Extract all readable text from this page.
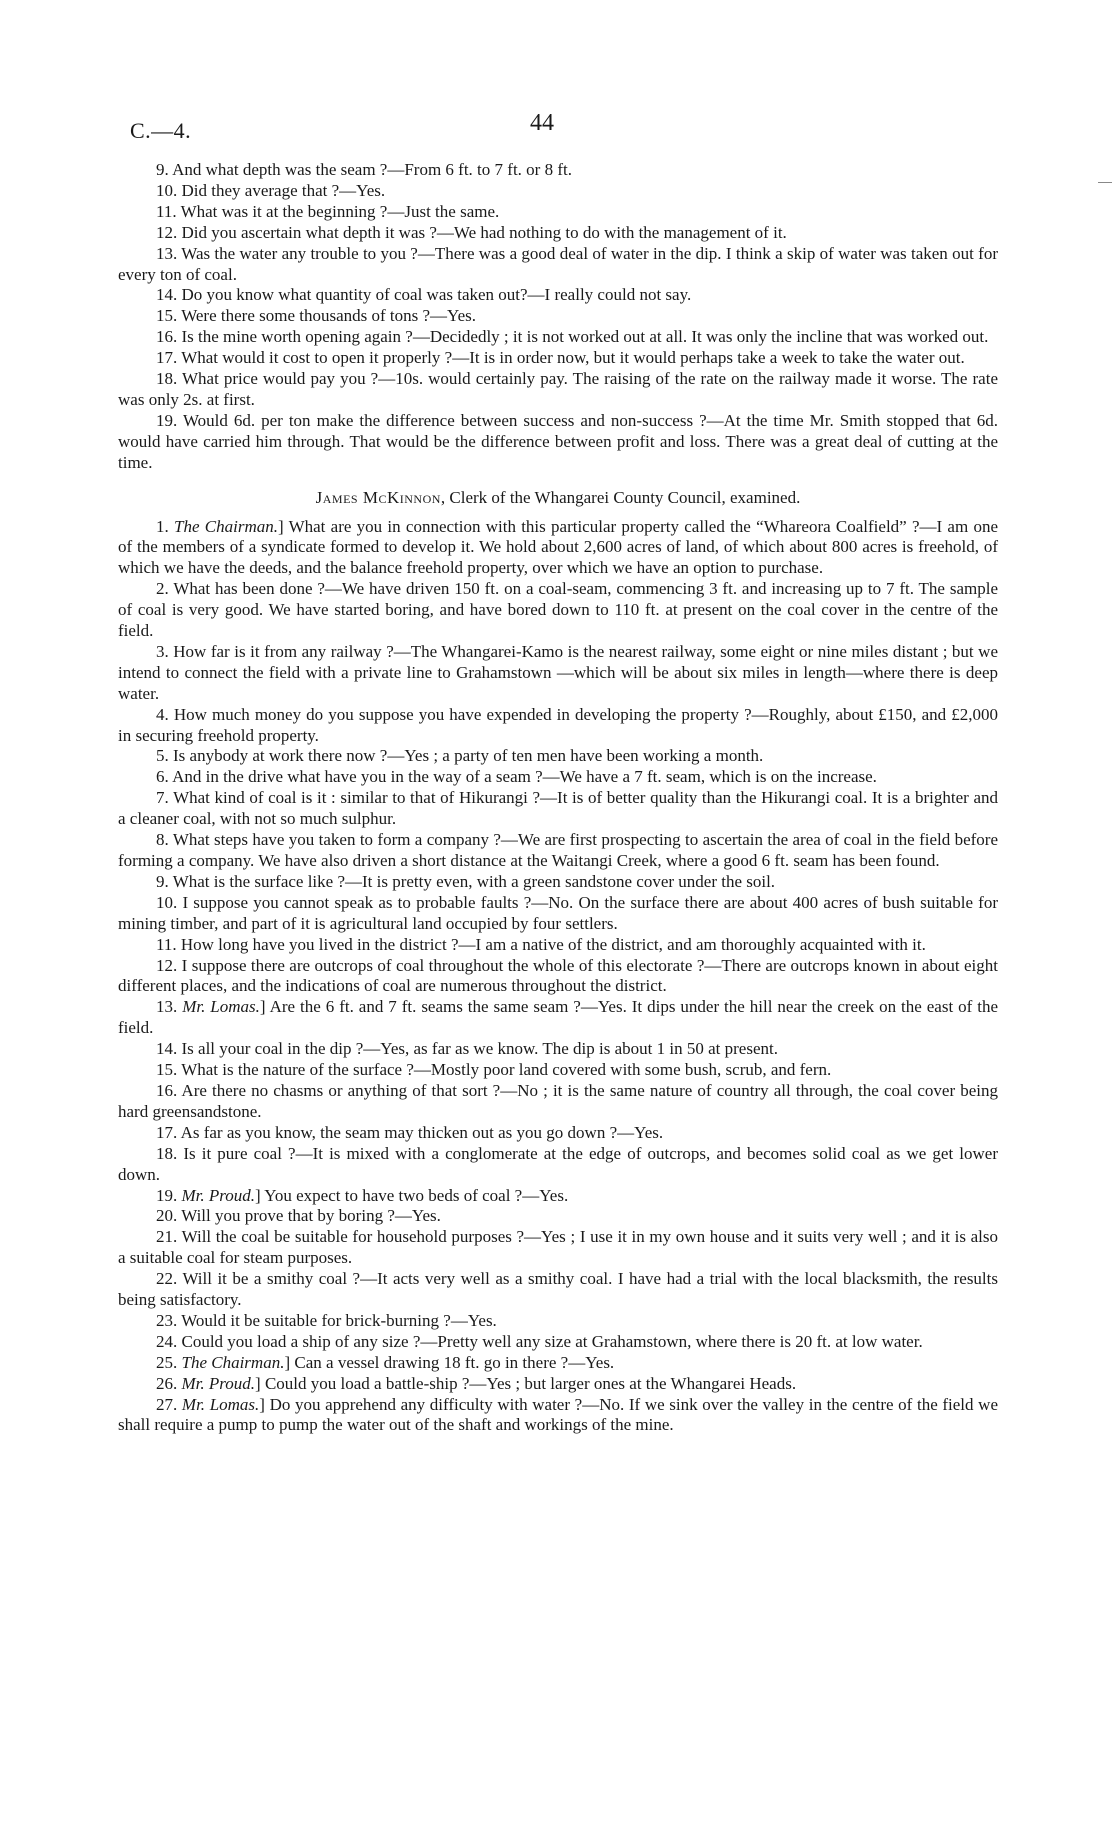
C.—4.	44

9. And what depth was the seam ?—From 6 ft. to 7 ft. or 8 ft.

10. Did they average that ?—Yes.

11. What was it at the beginning ?—Just the same.

12. Did you ascertain what depth it was ?—We had nothing to do with the management of it.

13. Was the water any trouble to you ?—There was a good deal of water in the dip. I think a skip of water was taken out for every ton of coal.

14. Do you know what quantity of coal was taken out?—I really could not say.

15. Were there some thousands of tons ?—Yes.

16. Is the mine worth opening again ?—Decidedly ; it is not worked out at all. It was only the incline that was worked out.

17. What would it cost to open it properly ?—It is in order now, but it would perhaps take a week to take the water out.

18. What price would pay you ?—10s. would certainly pay. The raising of the rate on the railway made it worse. The rate was only 2s. at first.

19. Would 6d. per ton make the difference between success and non-success ?—At the time Mr. Smith stopped that 6d. would have carried him through. That would be the difference between profit and loss. There was a great deal of cutting at the time.

James McKinnon, Clerk of the Whangarei County Council, examined.

1. The Chairman.] What are you in connection with this particular property called the “Whareora Coalfield” ?—I am one of the members of a syndicate formed to develop it. We hold about 2,600 acres of land, of which about 800 acres is freehold, of which we have the deeds, and the balance freehold property, over which we have an option to purchase.

2. What has been done ?—We have driven 150 ft. on a coal-seam, commencing 3 ft. and increasing up to 7 ft. The sample of coal is very good. We have started boring, and have bored down to 110 ft. at present on the coal cover in the centre of the field.

3. How far is it from any railway ?—The Whangarei-Kamo is the nearest railway, some eight or nine miles distant ; but we intend to connect the field with a private line to Grahamstown —which will be about six miles in length—where there is deep water.

4. How much money do you suppose you have expended in developing the property ?—Roughly, about £150, and £2,000 in securing freehold property.

5. Is anybody at work there now ?—Yes ; a party of ten men have been working a month.

6. And in the drive what have you in the way of a seam ?—We have a 7 ft. seam, which is on the increase.

7. What kind of coal is it : similar to that of Hikurangi ?—It is of better quality than the Hikurangi coal. It is a brighter and a cleaner coal, with not so much sulphur.

8. What steps have you taken to form a company ?—We are first prospecting to ascertain the area of coal in the field before forming a company. We have also driven a short distance at the Waitangi Creek, where a good 6 ft. seam has been found.

9. What is the surface like ?—It is pretty even, with a green sandstone cover under the soil.

10. I suppose you cannot speak as to probable faults ?—No. On the surface there are about 400 acres of bush suitable for mining timber, and part of it is agricultural land occupied by four settlers.

11. How long have you lived in the district ?—I am a native of the district, and am thoroughly acquainted with it.

12. I suppose there are outcrops of coal throughout the whole of this electorate ?—There are outcrops known in about eight different places, and the indications of coal are numerous throughout the district.

13. Mr. Lomas.] Are the 6 ft. and 7 ft. seams the same seam ?—Yes. It dips under the hill near the creek on the east of the field.

14. Is all your coal in the dip ?—Yes, as far as we know. The dip is about 1 in 50 at present.

15. What is the nature of the surface ?—Mostly poor land covered with some bush, scrub, and fern.

16. Are there no chasms or anything of that sort ?—No ; it is the same nature of country all through, the coal cover being hard greensandstone.

17. As far as you know, the seam may thicken out as you go down ?—Yes.

18. Is it pure coal ?—It is mixed with a conglomerate at the edge of outcrops, and becomes solid coal as we get lower down.

19. Mr. Proud.] You expect to have two beds of coal ?—Yes.

20. Will you prove that by boring ?—Yes.

21. Will the coal be suitable for household purposes ?—Yes ; I use it in my own house and it suits very well ; and it is also a suitable coal for steam purposes.

22. Will it be a smithy coal ?—It acts very well as a smithy coal. I have had a trial with the local blacksmith, the results being satisfactory.

23. Would it be suitable for brick-burning ?—Yes.

24. Could you load a ship of any size ?—Pretty well any size at Grahamstown, where there is 20 ft. at low water.

25. The Chairman.] Can a vessel drawing 18 ft. go in there ?—Yes.

26. Mr. Proud.] Could you load a battle-ship ?—Yes ; but larger ones at the Whangarei Heads.

27. Mr. Lomas.] Do you apprehend any difficulty with water ?—No. If we sink over the valley in the centre of the field we shall require a pump to pump the water out of the shaft and workings of the mine.
